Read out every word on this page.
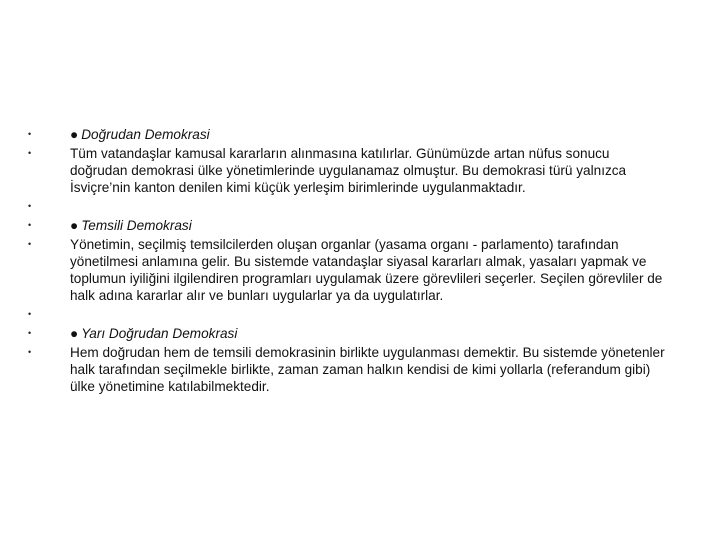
•	● Doğrudan Demokrasi
•	Tüm vatandaşlar kamusal kararların alınmasına katılırlar. Günümüzde artan nüfus sonucu doğrudan demokrasi ülke yönetimlerinde uygulanamaz olmuştur. Bu demokrasi türü yalnızca İsviçre’nin kanton denilen kimi küçük yerleşim birimlerinde uygulanmaktadır.
•
•	● Temsili Demokrasi
•	Yönetimin, seçilmiş temsilcilerden oluşan organlar (yasama organı - parlamento) tarafından yönetilmesi anlamına gelir. Bu sistemde vatandaşlar siyasal kararları almak, yasaları yapmak ve toplumun iyiliğini ilgilendiren programları uygulamak üzere görevlileri seçerler. Seçilen görevliler de halk adına kararlar alır ve bunları uygularlar ya da uygulatırlar.
•
•	● Yarı Doğrudan Demokrasi
•	Hem doğrudan hem de temsili demokrasinin birlikte uygulanması demektir. Bu sistemde yönetenler halk tarafından seçilmekle birlikte, zaman zaman halkın kendisi de kimi yollarla (referandum gibi) ülke yönetimine katılabilmektedir.
